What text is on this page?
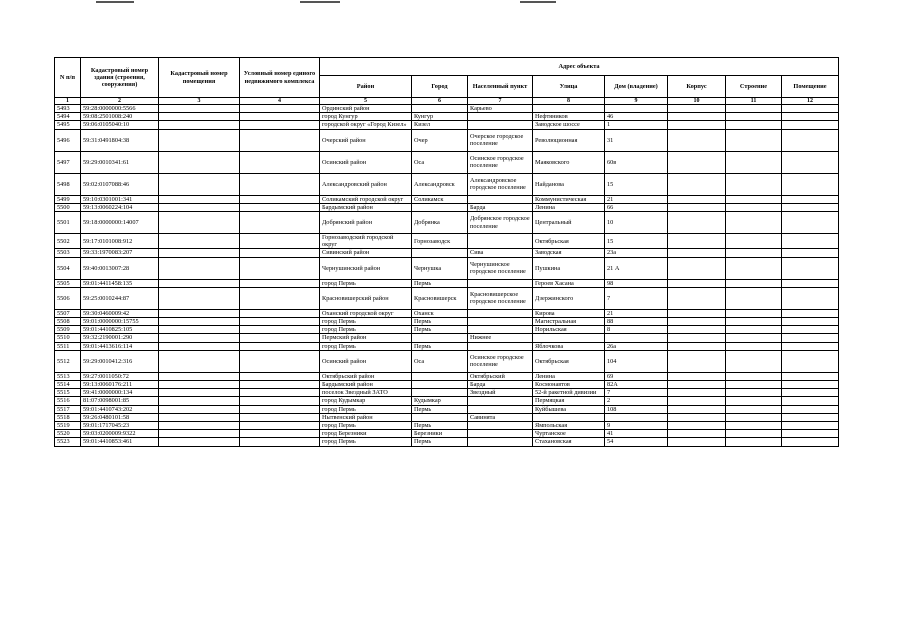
N п/п	Кадастровый номер здания (строения, сооружения)	Кадастровый номер помещения	Условный номер единого недвижимого комплекса	Адрес объекта							
				Район	Город	Населенный пункт	Улица	Дом (владение)	Корпус	Строение	Помещение
1	2	3	4	5	6	7	8	9	10	11	12
5493	59:28:0000000:5566			Ординский район		Карьево					
5494	59:08:2501008:240			город Кунгур	Кунгур		Нефтяников	46			
5495	59:06:0105040:10			городской округ «Город Кизел»	Кизел		Заводское шоссе	1			
5496	59:31:0491804:38			Очерский район	Очер	Очерское городское поселение	Революционная	31			
5497	59:29:0010341:61			Осинский район	Оса	Осинское городское поселение	Маяковского	60в			
5498	59:02:0107088:46			Александровский район	Александровск	Александровское городское поселение	Найданова	15			
5499	59:10:0301001:341			Соликамский городской округ	Соликамск		Коммунистическая	21			
5500	59:13:0060224:104			Бардымский район		Барда	Ленина	66			
5501	59:18:0000000:14007			Добрянский район	Добрянка	Добрянское городское поселение	Центральный	10			
5502	59:17:0101008:912			Горнозаводский городской округ	Горнозаводск		Октябрьская	15			
5503	59:33:1970083:207			Сивинский район		Сива	Заводская	23а			
5504	59:40:0013007:28			Чернушинский район	Чернушка	Чернушинское городское поселение	Пушкина	21 А			
5505	59:01:4411458:135			город Пермь	Пермь		Героев Хасана	98			
5506	59:25:0010244:87			Красновишерский район	Красновишерск	Красновишерское городское поселение	Дзержинского	7			
5507	59:30:0460009:42			Оханский городской округ	Оханск		Кирова	21			
5508	59:01:0000000:15755			город Пермь	Пермь		Магистральная	88			
5509	59:01:4410825:105			город Пермь	Пермь		Норильская	8			
5510	59:32:2190001:290			Пермский район		Нижнее					
5511	59:01:4413616:114			город Пермь	Пермь		Яблочкова	26а			
5512	59:29:0010412:316			Осинский район	Оса	Осинское городское поселение	Октябрьская	104			
5513	59:27:0011050:72			Октябрьский район		Октябрьский	Ленина	69			
5514	59:13:0060176:211			Бардымский район		Барда	Космонавтов	82А			
5515	59:41:0000000:134			поселок Звездный ЗАТО		Звездный	52-й ракетной дивизии	7			
5516	81:07:0098001:85			город Кудымкар	Кудымкар		Пермяцкая	2			
5517	59:01:4410743:202			город Пермь	Пермь		Куйбышева	108			
5518	59:26:0480101:58			Нытвенский район		Савинята					
5519	59:01:1717045:23			город Пермь	Пермь		Ямпольская	9			
5520	59:03:0200009:9322			город Березники	Березники		Чуртанское	41			
5523	59:01:4410853:461			город Пермь	Пермь		Стахановская	54			
